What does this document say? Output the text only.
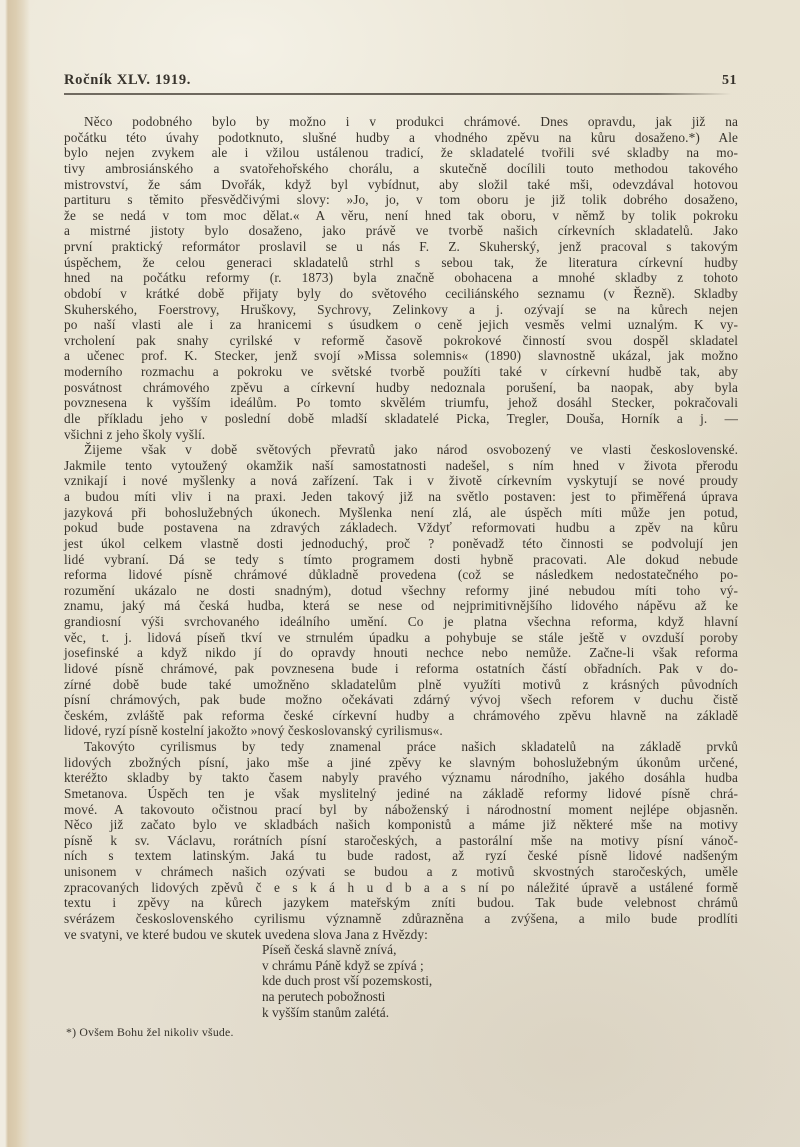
Ročník XLV. 1919.	51
Něco podobného bylo by možno i v produkci chrámové. Dnes opravdu, jak již na
počátku této úvahy podotknuto, slušné hudby a vhodného zpěvu na kůru dosaženo.*) Ale
bylo nejen zvykem ale i vžilou ustálenou tradicí, že skladatelé tvořili své skladby na mo-
tivy ambrosiánského a svatořehořského chorálu, a skutečně docílili touto methodou takového
mistrovství, že sám Dvořák, když byl vybídnut, aby složil také mši, odevzdával hotovou
partituru s těmito přesvědčivými slovy: »Jo, jo, v tom oboru je již tolik dobrého dosaženo,
že se nedá v tom moc dělat.« A věru, není hned tak oboru, v němž by tolik pokroku
a mistrné jistoty bylo dosaženo, jako právě ve tvorbě našich církevních skladatelů. Jako
první praktický reformátor proslavil se u nás F. Z. Skuherský, jenž pracoval s takovým
úspěchem, že celou generaci skladatelů strhl s sebou tak, že literatura církevní hudby
hned na počátku reformy (r. 1873) byla značně obohacena a mnohé skladby z tohoto
období v krátké době přijaty byly do světového ceciliánského seznamu (v Řezně). Skladby
Skuherského, Foerstrovy, Hruškovy, Sychrovy, Zelinkovy a j. ozývají se na kůrech nejen
po naší vlasti ale i za hranicemi s úsudkem o ceně jejich vesměs velmi uznalým. K vy-
vrcholení pak snahy cyrilské v reformě časově pokrokové činností svou dospěl skladatel
a učenec prof. K. Stecker, jenž svojí »Missa solemnis« (1890) slavnostně ukázal, jak možno
moderního rozmachu a pokroku ve světské tvorbě použíti také v církevní hudbě tak, aby
posvátnost chrámového zpěvu a církevní hudby nedoznala porušení, ba naopak, aby byla
povznesena k vyšším ideálům. Po tomto skvělém triumfu, jehož dosáhl Stecker, pokračovali
dle příkladu jeho v poslední době mladší skladatelé Picka, Tregler, Douša, Horník a j. —
všichni z jeho školy vyšlí.
Žijeme však v době světových převratů jako národ osvobozený ve vlasti československé.
Jakmile tento vytoužený okamžik naší samostatnosti nadešel, s ním hned v života přerodu
vznikají i nové myšlenky a nová zařízení. Tak i v životě církevním vyskytují se nové proudy
a budou míti vliv i na praxi. Jeden takový již na světlo postaven: jest to přiměřená úprava
jazyková při bohoslužebných úkonech. Myšlenka není zlá, ale úspěch míti může jen potud,
pokud bude postavena na zdravých základech. Vždyť reformovati hudbu a zpěv na kůru
jest úkol celkem vlastně dosti jednoduchý, proč ? poněvadž této činnosti se podvolují jen
lidé vybraní. Dá se tedy s tímto programem dosti hybně pracovati. Ale dokud nebude
reforma lidové písně chrámové důkladně provedena (což se následkem nedostatečného po-
rozumění ukázalo ne dosti snadným), dotud všechny reformy jiné nebudou míti toho vý-
znamu, jaký má česká hudba, která se nese od nejprimitivnějšího lidového nápěvu až ke
grandiosní výši svrchovaného ideálního umění. Co je platna všechna reforma, když hlavní
věc, t. j. lidová píseň tkví ve strnulém úpadku a pohybuje se stále ještě v ovzduší poroby
josefinské a když nikdo jí do opravdy hnouti nechce nebo nemůže. Začne-li však reforma
lidové písně chrámové, pak povznesena bude i reforma ostatních částí obřadních. Pak v do-
zírné době bude také umožněno skladatelům plně využíti motivů z krásných původních
písní chrámových, pak bude možno očekávati zdárný vývoj všech reforem v duchu čistě
českém, zvláště pak reforma české církevní hudby a chrámového zpěvu hlavně na základě
lidové, ryzí písně kostelní jakožto »nový českoslovanský cyrilismus«.
Takovýto cyrilismus by tedy znamenal práce našich skladatelů na základě prvků
lidových zbožných písní, jako mše a jiné zpěvy ke slavným bohoslužebným úkonům určené,
kteréžto skladby by takto časem nabyly pravého významu národního, jakého dosáhla hudba
Smetanova. Úspěch ten je však myslitelný jediné na základě reformy lidové písně chrá-
mové. A takovouto očistnou prací byl by náboženský i národnostní moment nejlépe objasněn.
Něco již začato bylo ve skladbách našich komponistů a máme již některé mše na motivy
písně k sv. Václavu, rorátních písní staročeských, a pastorální mše na motivy písní vánoč-
ních s textem latinským. Jaká tu bude radost, až ryzí české písně lidové nadšeným
unisonem v chrámech našich ozývati se budou a z motivů skvostných staročeských, uměle
zpracovaných lidových zpěvů č e s k á h u d b a a s ní po náležité úpravě a ustálené formě
textu i zpěvy na kůrech jazykem mateřským zníti budou. Tak bude velebnost chrámů
svérázem československého cyrilismu významně zdůrazněna a zvýšena, a milo bude prodlíti
ve svatyni, ve které budou ve skutek uvedena slova Jana z Hvězdy:
Píseň česká slavně znívá,
v chrámu Páně když se zpívá ;
kde duch prost vší pozemskosti,
na perutech pobožnosti
k vyšším stanům zalétá.
*) Ovšem Bohu žel nikoliv všude.
